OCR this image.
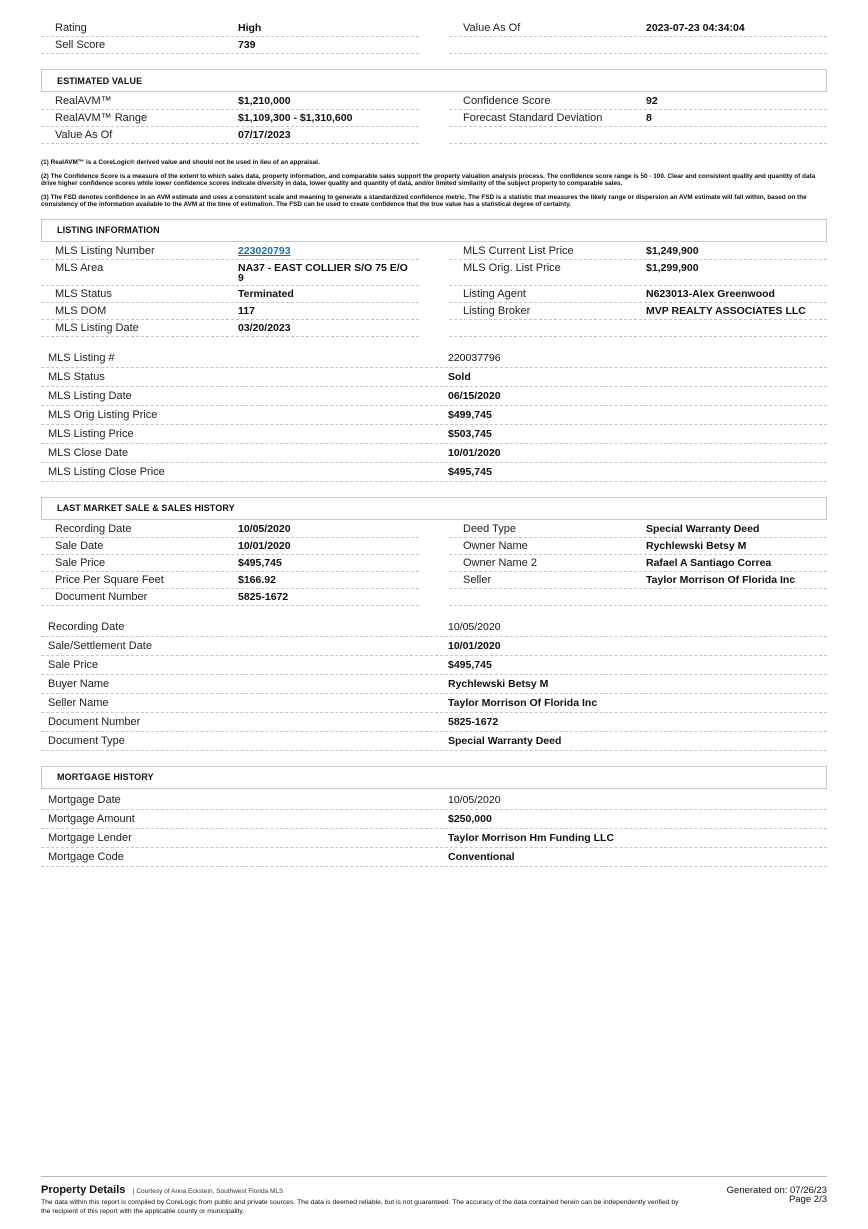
Rating	High
Sell Score	739
Value As Of	2023-07-23 04:34:04
ESTIMATED VALUE
RealAVM™	$1,210,000
RealAVM™ Range	$1,109,300 - $1,310,600
Value As Of	07/17/2023
Confidence Score	92
Forecast Standard Deviation	8

(1) RealAVM™ is a CoreLogic® derived value and should not be used in lieu of an appraisal.

(2) The Confidence Score is a measure of the extent to which sales data, property information, and comparable sales support the property valuation analysis process. The confidence score range is 50 - 100. Clear and consistent quality and quantity of data drive higher confidence scores while lower confidence scores indicate diversity in data, lower quality and quantity of data, and/or limited similarity of the subject property to comparable sales.

(3) The FSD denotes confidence in an AVM estimate and uses a consistent scale and meaning to generate a standardized confidence metric. The FSD is a statistic that measures the likely range or dispersion an AVM estimate will fall within, based on the consistency of the information available to the AVM at the time of estimation. The FSD can be used to create confidence that the true value has a statistical degree of certainty.

LISTING INFORMATION
MLS Listing Number	223020793
MLS Area	NA37 - EAST COLLIER S/O 75 E/O 9
MLS Status	Terminated
MLS DOM	117
MLS Listing Date	03/20/2023
MLS Current List Price	$1,249,900
MLS Orig. List Price	$1,299,900
Listing Agent	N623013-Alex Greenwood
Listing Broker	MVP REALTY ASSOCIATES LLC
MLS Listing #	220037796
MLS Status	Sold
MLS Listing Date	06/15/2020
MLS Orig Listing Price	$499,745
MLS Listing Price	$503,745
MLS Close Date	10/01/2020
MLS Listing Close Price	$495,745
LAST MARKET SALE & SALES HISTORY
Recording Date	10/05/2020
Sale Date	10/01/2020
Sale Price	$495,745
Price Per Square Feet	$166.92
Document Number	5825-1672
Deed Type	Special Warranty Deed
Owner Name	Rychlewski Betsy M
Owner Name 2	Rafael A Santiago Correa
Seller	Taylor Morrison Of Florida Inc
Recording Date	10/05/2020
Sale/Settlement Date	10/01/2020
Sale Price	$495,745
Buyer Name	Rychlewski Betsy M
Seller Name	Taylor Morrison Of Florida Inc
Document Number	5825-1672
Document Type	Special Warranty Deed
MORTGAGE HISTORY
Mortgage Date	10/05/2020
Mortgage Amount	$250,000
Mortgage Lender	Taylor Morrison Hm Funding LLC
Mortgage Code	Conventional
Property Details | Courtesy of Anna Eckstein, Southwest Florida MLS	Generated on: 07/26/23
The data within this report is compiled by CoreLogic from public and private sources. The data is deemed reliable, but is not guaranteed. The accuracy of the data contained herein can be independently verified by the recipient of this report with the applicable county or municipality.
Page 2/3
